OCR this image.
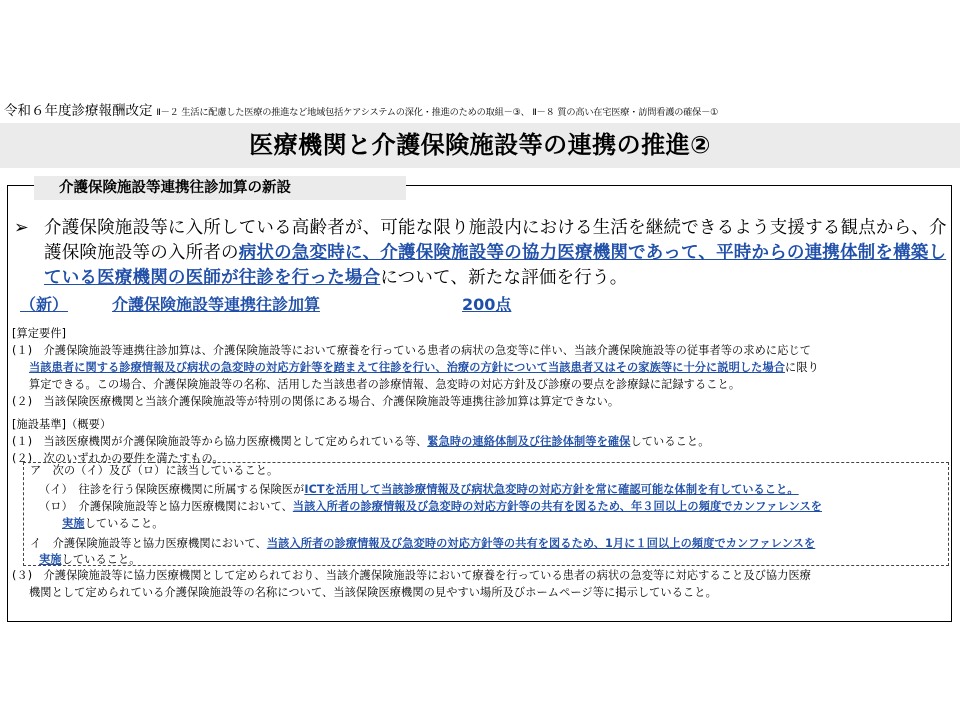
令和６年度診療報酬改定 Ⅱ－２ 生活に配慮した医療の推進など地域包括ケアシステムの深化・推進のための取組－③、 Ⅱ－８ 質の高い在宅医療・訪問看護の確保－①
医療機関と介護保険施設等の連携の推進②
介護保険施設等連携往診加算の新設
➢ 介護保険施設等に入所している高齢者が、可能な限り施設内における生活を継続できるよう支援する観点から、介護保険施設等の入所者の病状の急変時に、介護保険施設等の協力医療機関であって、平時からの連携体制を構築している医療機関の医師が往診を行った場合について、新たな評価を行う。
（新）	介護保険施設等連携往診加算	200点
[算定要件]
(１)　介護保険施設等連携往診加算は、介護保険施設等において療養を行っている患者の病状の急変等に伴い、当該介護保険施設等の従事者等の求めに応じて
当該患者に関する診療情報及び病状の急変時の対応方針等を踏まえて往診を行い、治療の方針について当該患者又はその家族等に十分に説明した場合に限り
算定できる。この場合、介護保険施設等の名称、活用した当該患者の診療情報、急変時の対応方針及び診療の要点を診療録に記録すること。
(２)　当該保険医療機関と当該介護保険施設等が特別の関係にある場合、介護保険施設等連携往診加算は算定できない。
[施設基準]（概要）
(１)　当該医療機関が介護保険施設等から協力医療機関として定められている等、緊急時の連絡体制及び往診体制等を確保していること。
(２)　次のいずれかの要件を満たすもの。
ア　次の（イ）及び（ロ）に該当していること。
（イ）　往診を行う保険医療機関に所属する保険医がICTを活用して当該診療情報及び病状急変時の対応方針を常に確認可能な体制を有していること。
（ロ）　介護保険施設等と協力医療機関において、当該入所者の診療情報及び急変時の対応方針等の共有を図るため、年３回以上の頻度でカンファレンスを
実施していること。
イ　介護保険施設等と協力医療機関において、当該入所者の診療情報及び急変時の対応方針等の共有を図るため、1月に１回以上の頻度でカンファレンスを
実施していること。
(３)　介護保険施設等に協力医療機関として定められており、当該介護保険施設等において療養を行っている患者の病状の急変等に対応すること及び協力医療
機関として定められている介護保険施設等の名称について、当該保険医療機関の見やすい場所及びホームページ等に掲示していること。
